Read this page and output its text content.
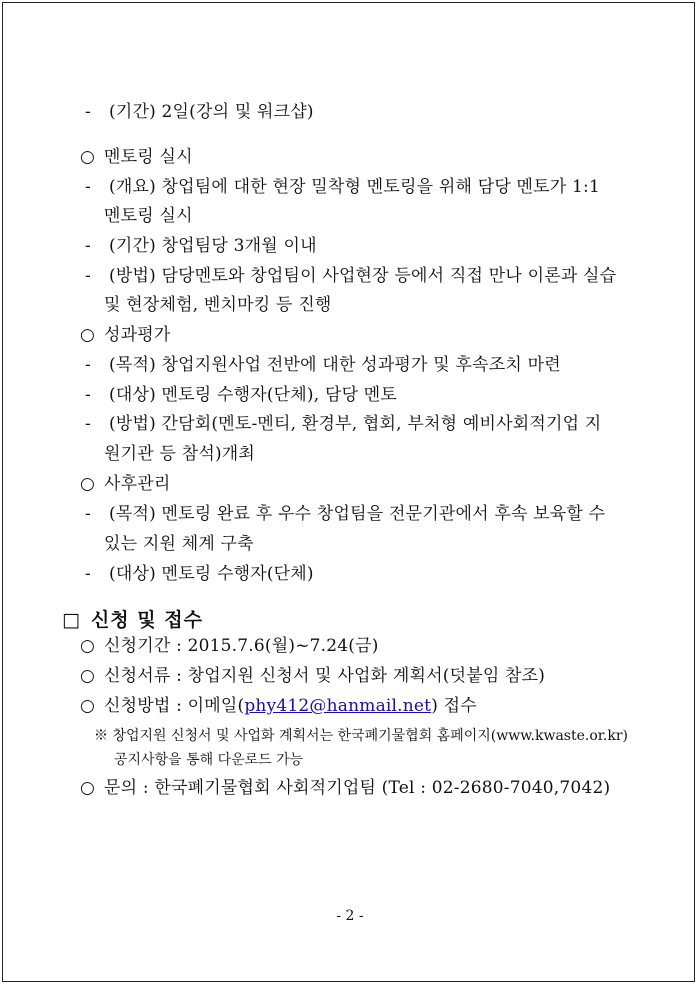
- (기간) 2일(강의 및 워크샵)
○ 멘토링 실시
- (개요) 창업팀에 대한 현장 밀착형 멘토링을 위해 담당 멘토가 1:1
멘토링 실시
- (기간) 창업팀당 3개월 이내
- (방법) 담당멘토와 창업팀이 사업현장 등에서 직접 만나 이론과 실습
및 현장체험, 벤치마킹 등 진행
○ 성과평가
- (목적) 창업지원사업 전반에 대한 성과평가 및 후속조치 마련
- (대상) 멘토링 수행자(단체), 담당 멘토
- (방법) 간담회(멘토-멘티, 환경부, 협회, 부처형 예비사회적기업 지
원기관 등 참석)개최
○ 사후관리
- (목적) 멘토링 완료 후 우수 창업팀을 전문기관에서 후속 보육할 수
있는 지원 체계 구축
- (대상) 멘토링 수행자(단체)
□ 신청 및 접수
○ 신청기간 : 2015.7.6(월)~7.24(금)
○ 신청서류 : 창업지원 신청서 및 사업화 계획서(덧붙임 참조)
○ 신청방법 : 이메일(phy412@hanmail.net) 접수
※ 창업지원 신청서 및 사업화 계획서는 한국폐기물협회 홈페이지(www.kwaste.or.kr)
공지사항을 통해 다운로드 가능
○ 문의 : 한국폐기물협회 사회적기업팀 (Tel : 02-2680-7040,7042)
- 2 -
